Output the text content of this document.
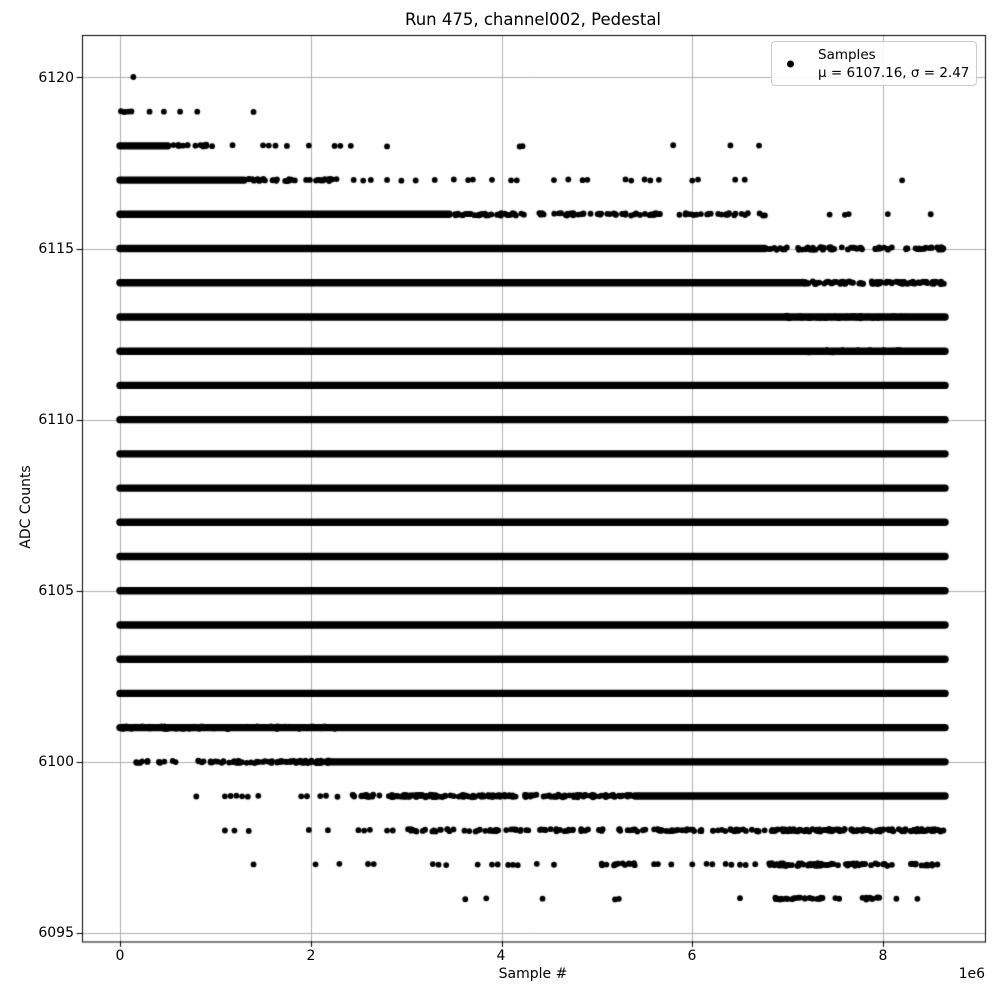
Run 475, channel002, Pedestal
Sample #
ADC Counts
1e6
0	2	4	6	8
6095
6100
6105
6110
6115
6120
Samples
μ = 6107.16, σ = 2.47
